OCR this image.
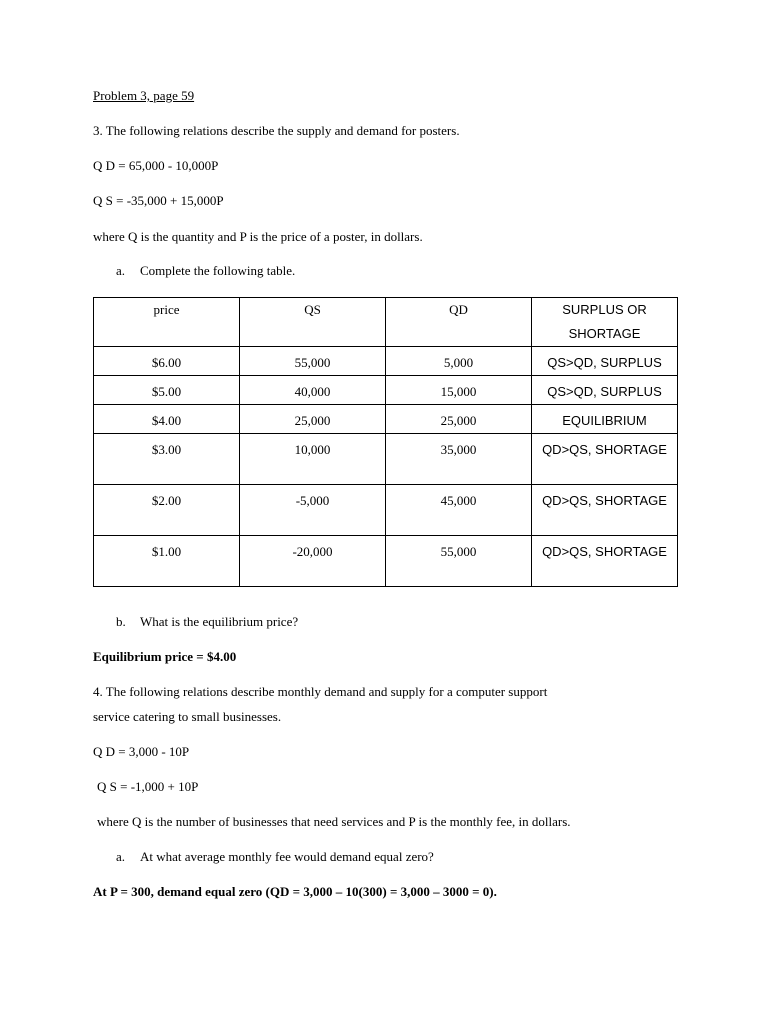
Problem 3, page 59
3. The following relations describe the supply and demand for posters.
Q D = 65,000 - 10,000P
Q S = -35,000 + 15,000P
where Q is the quantity and P is the price of a poster, in dollars.
a. Complete the following table.
price	QS	QD	SURPLUS OR SHORTAGE
$6.00	55,000	5,000	QS>QD, SURPLUS
$5.00	40,000	15,000	QS>QD, SURPLUS
$4.00	25,000	25,000	EQUILIBRIUM
$3.00	10,000	35,000	QD>QS, SHORTAGE
$2.00	-5,000	45,000	QD>QS, SHORTAGE
$1.00	-20,000	55,000	QD>QS, SHORTAGE
b. What is the equilibrium price?
Equilibrium price = $4.00
4. The following relations describe monthly demand and supply for a computer support
service catering to small businesses.
Q D = 3,000 - 10P
Q S = -1,000 + 10P
where Q is the number of businesses that need services and P is the monthly fee, in dollars.
a. At what average monthly fee would demand equal zero?
At P = 300, demand equal zero (QD = 3,000 – 10(300) = 3,000 – 3000 = 0).
